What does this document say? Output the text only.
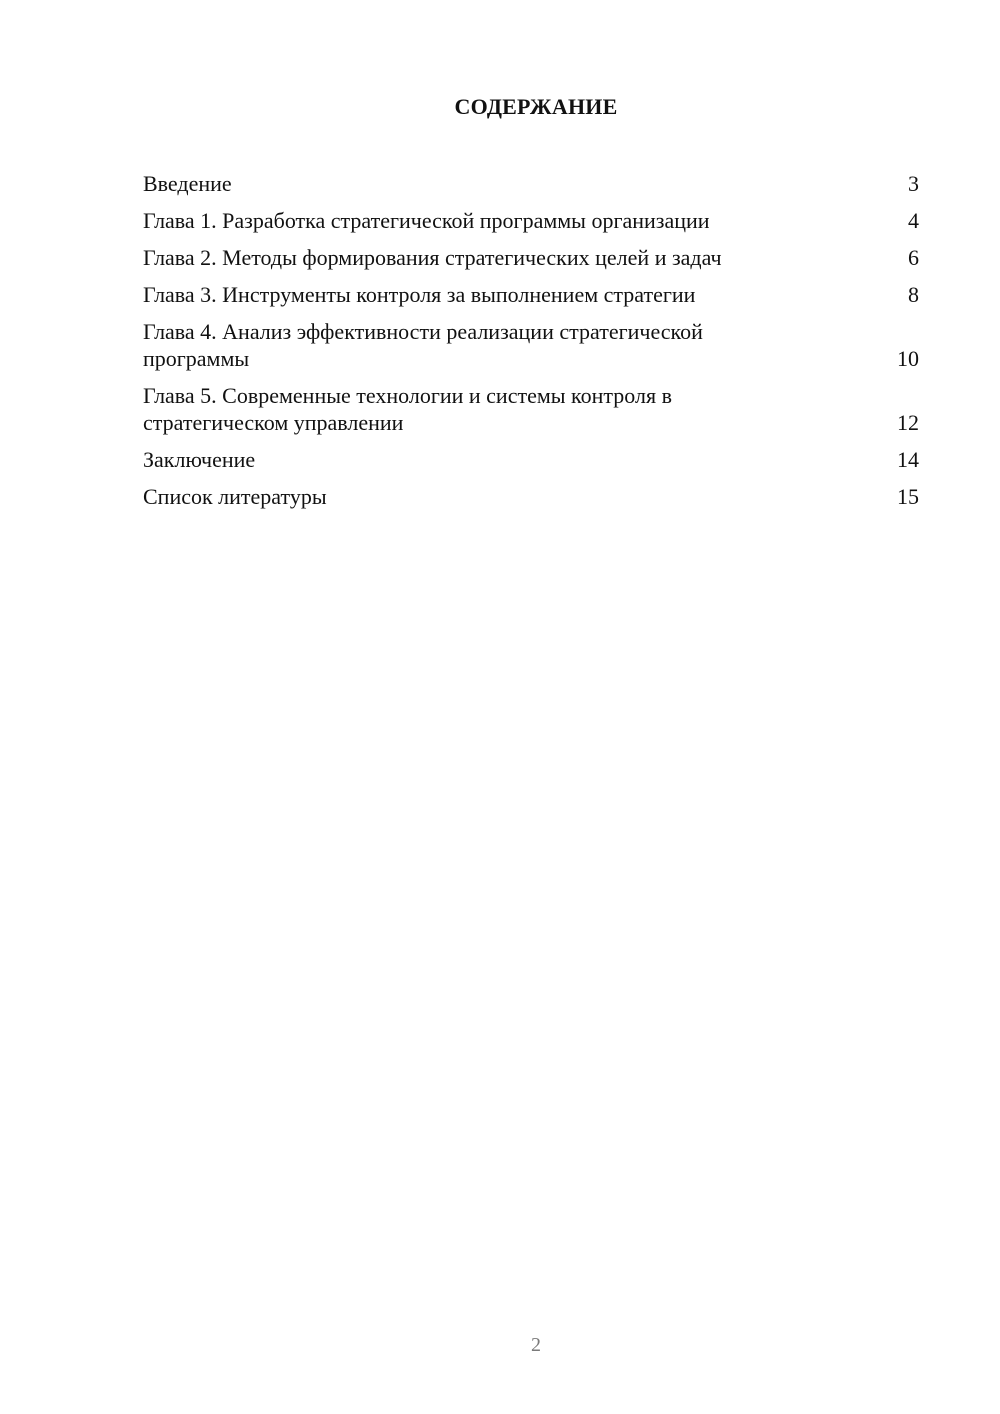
СОДЕРЖАНИЕ
Введение	3
Глава 1. Разработка стратегической программы организации	4
Глава 2. Методы формирования стратегических целей и задач	6
Глава 3. Инструменты контроля за выполнением стратегии	8
Глава 4. Анализ эффективности реализации стратегической программы	10
Глава 5. Современные технологии и системы контроля в стратегическом управлении	12
Заключение	14
Список литературы	15
2
